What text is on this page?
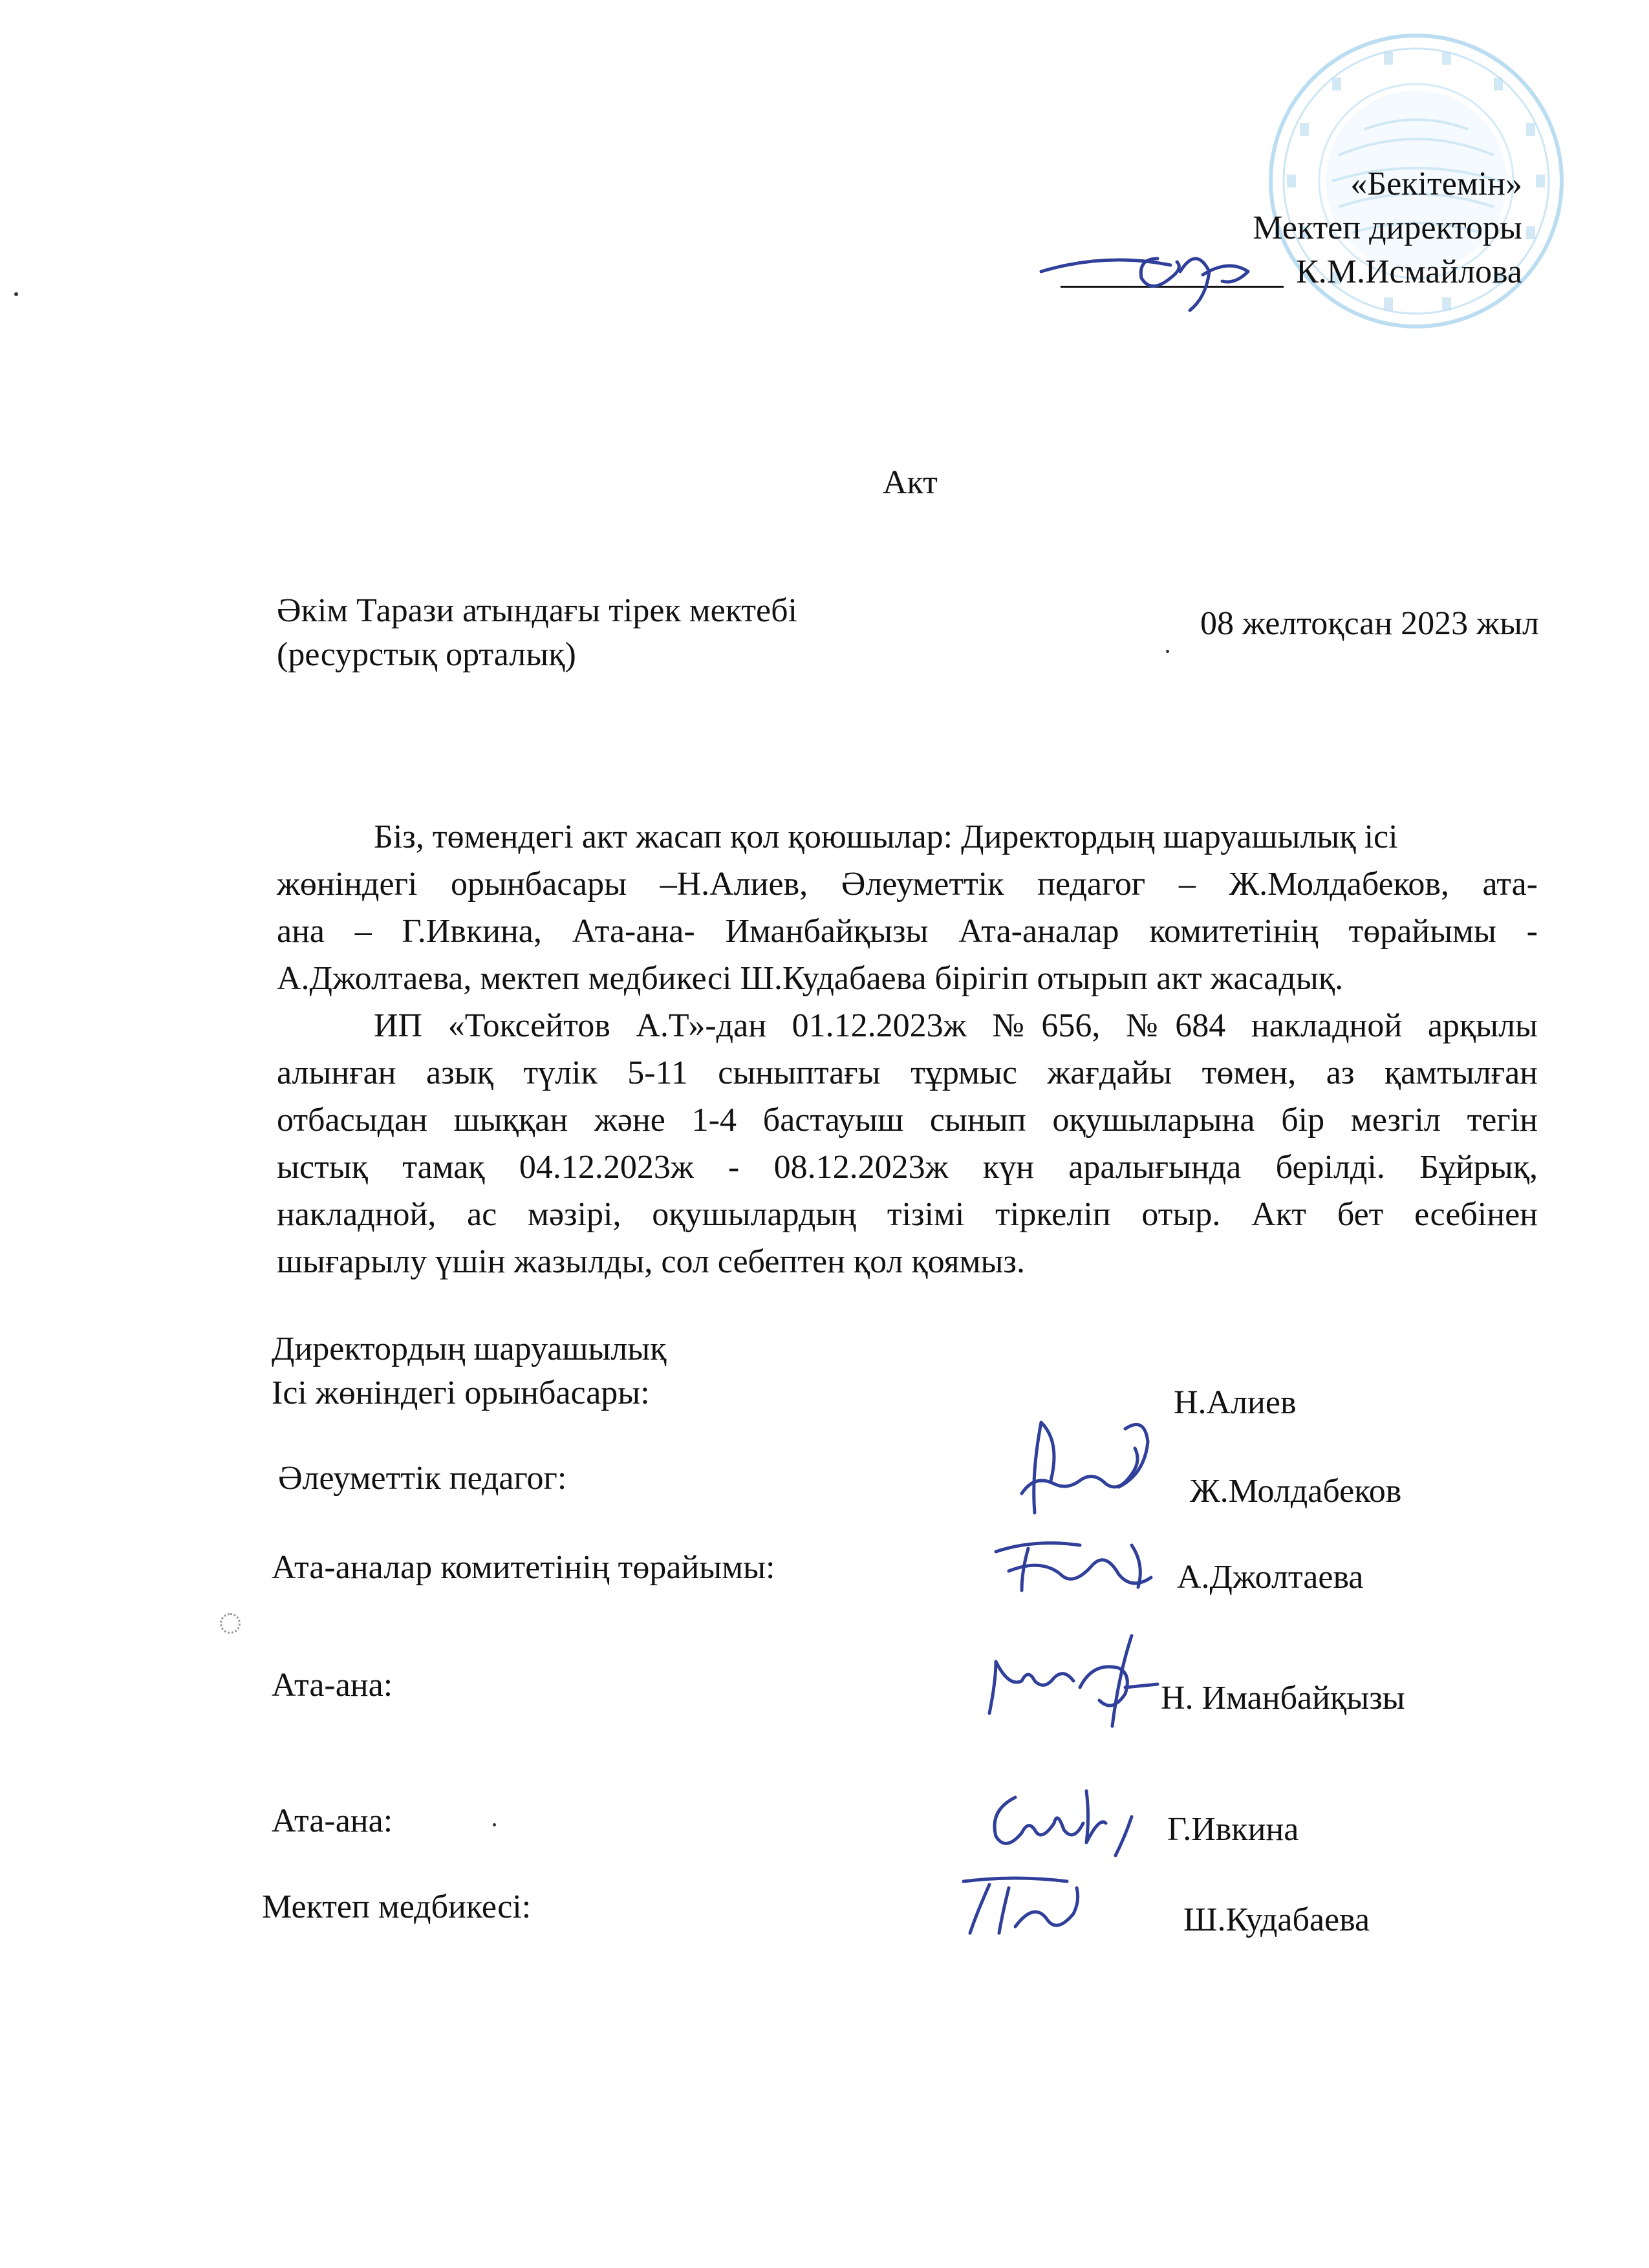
«Бекітемін»
Мектеп директоры
К.М.Исмайлова
Акт
Әкім Тарази атындағы тірек мектебі
(ресурстық орталық)
08 желтоқсан 2023 жыл
Біз, төмендегі акт жасап қол қоюшылар: Директордың шаруашылық ісі
жөніндегі орынбасары –Н.Алиев, Әлеуметтік педагог – Ж.Молдабеков, ата-
ана – Г.Ивкина, Ата-ана- Иманбайқызы Ата-аналар комитетінің төрайымы -
А.Джолтаева, мектеп медбикесі Ш.Кудабаева бірігіп отырып акт жасадық.
ИП «Токсейтов А.Т»-дан 01.12.2023ж №656, №684 накладной арқылы
алынған азық түлік 5-11 сыныптағы тұрмыс жағдайы төмен, аз қамтылған
отбасыдан шыққан және 1-4 бастауыш сынып оқушыларына бір мезгіл тегін
ыстық тамақ 04.12.2023ж - 08.12.2023ж күн аралығында берілді. Бұйрық,
накладной, ас мәзірі, оқушылардың тізімі тіркеліп отыр. Акт бет есебінен
шығарылу үшін жазылды, сол себептен қол қоямыз.
Директордың шаруашылық
Ісі жөніндегі орынбасары:	Н.Алиев
Әлеуметтік педагог:	Ж.Молдабеков
Ата-аналар комитетінің төрайымы:	А.Джолтаева
Ата-ана:	Н. Иманбайқызы
Ата-ана:	Г.Ивкина
Мектеп медбикесі:	Ш.Кудабаева
